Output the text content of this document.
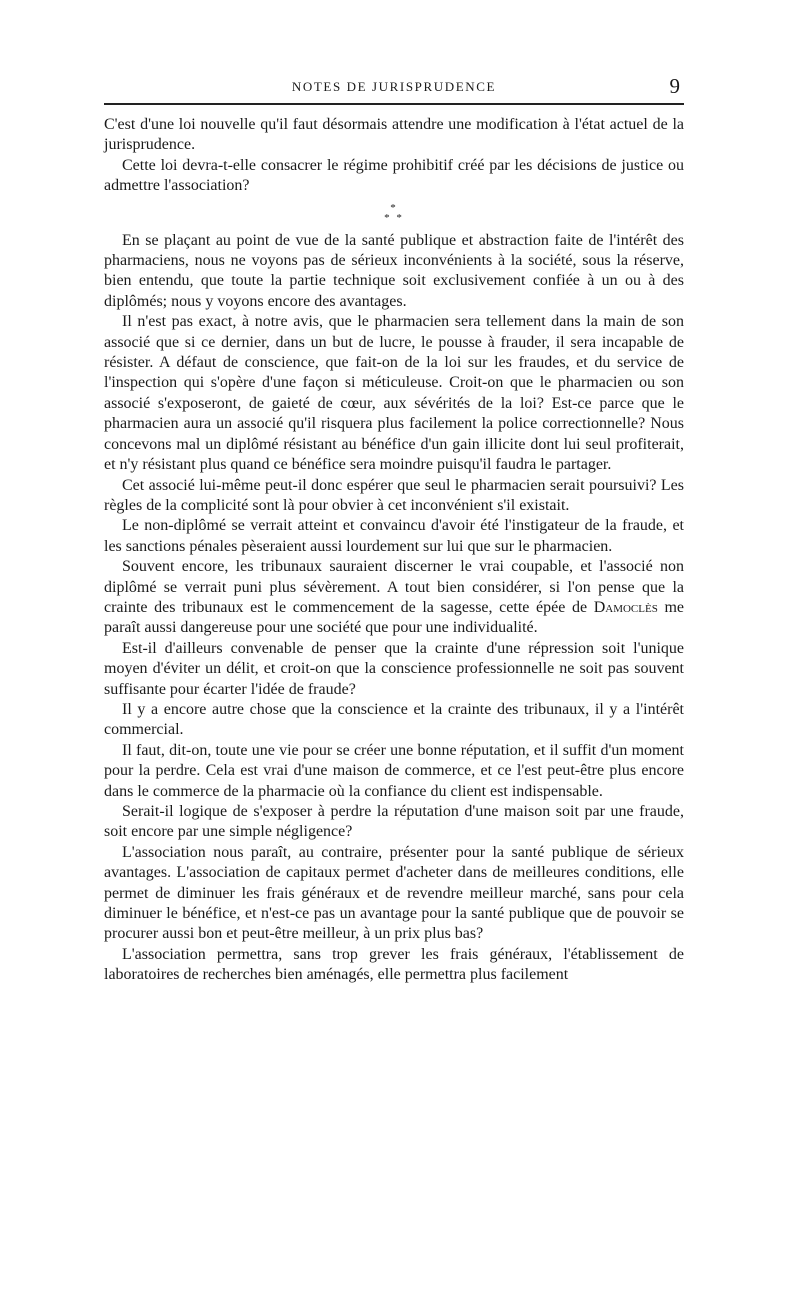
NOTES DE JURISPRUDENCE	9

C'est d'une loi nouvelle qu'il faut désormais attendre une modification à l'état actuel de la jurisprudence.

Cette loi devra-t-elle consacrer le régime prohibitif créé par les décisions de justice ou admettre l'association?

*
* *

En se plaçant au point de vue de la santé publique et abstraction faite de l'intérêt des pharmaciens, nous ne voyons pas de sérieux inconvénients à la société, sous la réserve, bien entendu, que toute la partie technique soit exclusivement confiée à un ou à des diplômés; nous y voyons encore des avantages.

Il n'est pas exact, à notre avis, que le pharmacien sera tellement dans la main de son associé que si ce dernier, dans un but de lucre, le pousse à frauder, il sera incapable de résister. A défaut de conscience, que fait-on de la loi sur les fraudes, et du service de l'inspection qui s'opère d'une façon si méticuleuse. Croit-on que le pharmacien ou son associé s'exposeront, de gaieté de cœur, aux sévérités de la loi? Est-ce parce que le pharmacien aura un associé qu'il risquera plus facilement la police correctionnelle? Nous concevons mal un diplômé résistant au bénéfice d'un gain illicite dont lui seul profiterait, et n'y résistant plus quand ce bénéfice sera moindre puisqu'il faudra le partager.

Cet associé lui-même peut-il donc espérer que seul le pharmacien serait poursuivi? Les règles de la complicité sont là pour obvier à cet inconvénient s'il existait.

Le non-diplômé se verrait atteint et convaincu d'avoir été l'instigateur de la fraude, et les sanctions pénales pèseraient aussi lourdement sur lui que sur le pharmacien.

Souvent encore, les tribunaux sauraient discerner le vrai coupable, et l'associé non diplômé se verrait puni plus sévèrement. A tout bien considérer, si l'on pense que la crainte des tribunaux est le commencement de la sagesse, cette épée de Damoclès me paraît aussi dangereuse pour une société que pour une individualité.

Est-il d'ailleurs convenable de penser que la crainte d'une répression soit l'unique moyen d'éviter un délit, et croit-on que la conscience professionnelle ne soit pas souvent suffisante pour écarter l'idée de fraude?

Il y a encore autre chose que la conscience et la crainte des tribunaux, il y a l'intérêt commercial.

Il faut, dit-on, toute une vie pour se créer une bonne réputation, et il suffit d'un moment pour la perdre. Cela est vrai d'une maison de commerce, et ce l'est peut-être plus encore dans le commerce de la pharmacie où la confiance du client est indispensable.

Serait-il logique de s'exposer à perdre la réputation d'une maison soit par une fraude, soit encore par une simple négligence?

L'association nous paraît, au contraire, présenter pour la santé publique de sérieux avantages. L'association de capitaux permet d'acheter dans de meilleures conditions, elle permet de diminuer les frais généraux et de revendre meilleur marché, sans pour cela diminuer le bénéfice, et n'est-ce pas un avantage pour la santé publique que de pouvoir se procurer aussi bon et peut-être meilleur, à un prix plus bas?

L'association permettra, sans trop grever les frais généraux, l'établissement de laboratoires de recherches bien aménagés, elle permettra plus facilement
